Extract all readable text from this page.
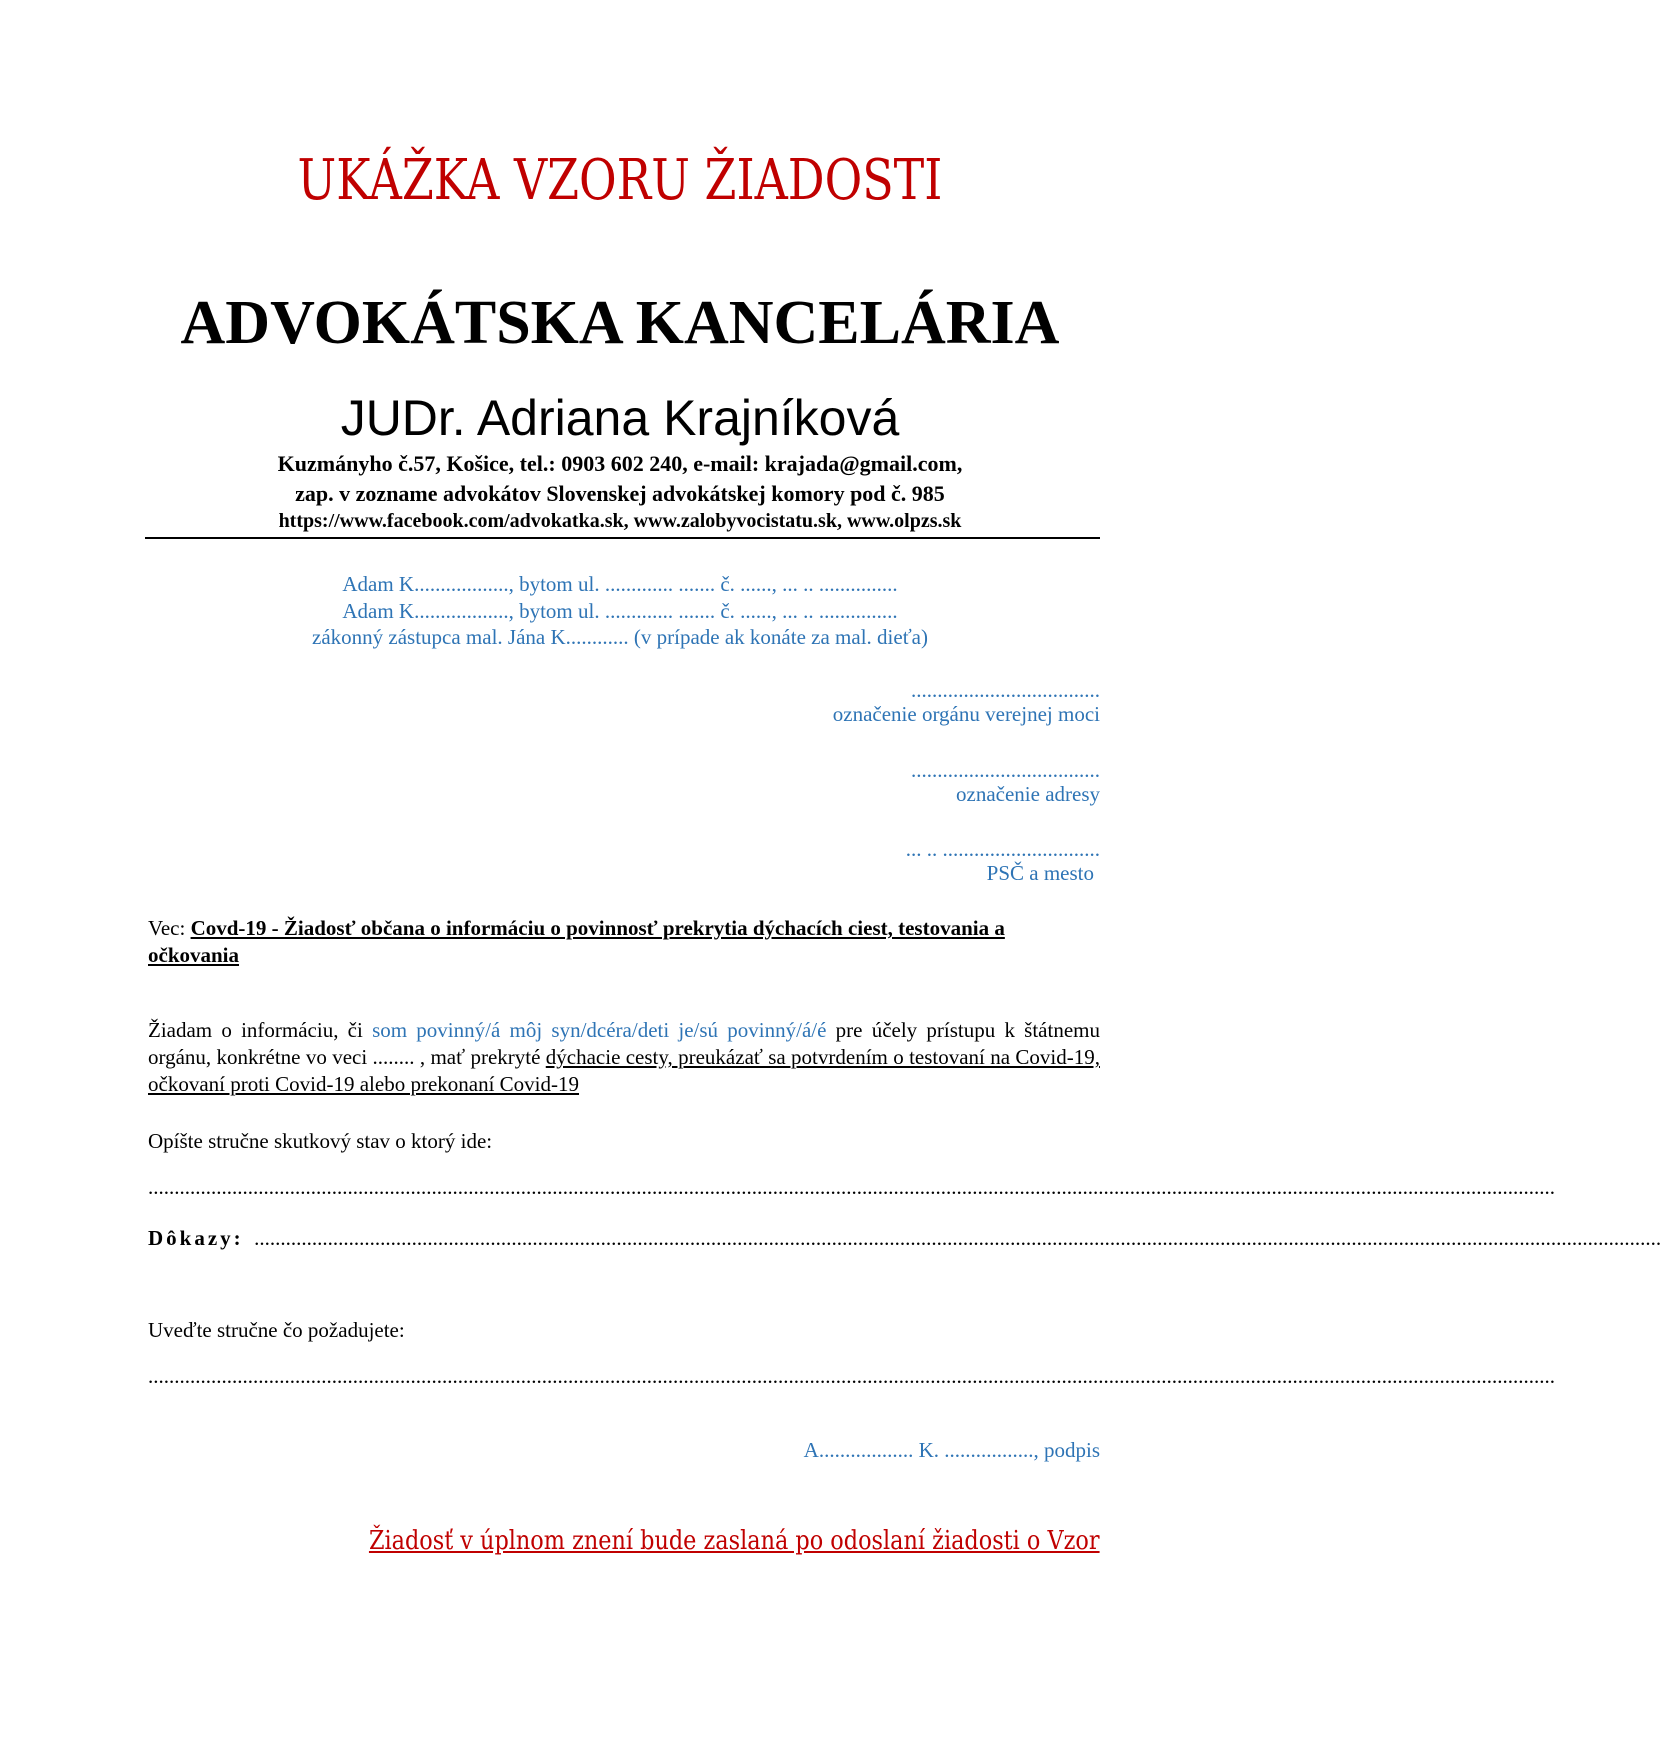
UKÁŽKA VZORU ŽIADOSTI
ADVOKÁTSKA KANCELÁRIA
JUDr. Adriana Krajníková
Kuzmányho č.57, Košice, tel.: 0903 602 240, e-mail: krajada@gmail.com,
zap. v zozname advokátov Slovenskej advokátskej komory pod č. 985
https://www.facebook.com/advokatka.sk, www.zalobyvocistatu.sk, www.olpzs.sk
Adam K.................., bytom ul. ............. ....... č. ......, ... .. ...............
Adam K.................., bytom ul. ............. ....... č. ......, ... .. ...............
zákonný zástupca mal. Jána K............ (v prípade ak konáte za mal. dieťa)
....................................
označenie orgánu verejnej moci
....................................
označenie adresy
... .. ..............................
PSČ a mesto
Vec: Covd-19 - Žiadosť občana o informáciu o povinnosť prekrytia dýchacích ciest, testovania a očkovania
Žiadam o informáciu, či som povinný/á môj syn/dcéra/deti je/sú povinný/á/é pre účely prístupu k štátnemu orgánu, konkrétne vo veci ........ , mať prekryté dýchacie cesty, preukázať sa potvrdením o testovaní na Covid-19, očkovaní proti Covid-19 alebo prekonaní Covid-19
Opíšte stručne skutkový stav o ktorý ide:
............................................................................................................................................................................................................................................................................
Dôkazy: ............................................................................................................................................................................................................................................................................
Uveďte stručne čo požadujete:
............................................................................................................................................................................................................................................................................
A.................. K. ................., podpis
Žiadosť v úplnom znení bude zaslaná po odoslaní žiadosti o Vzor
